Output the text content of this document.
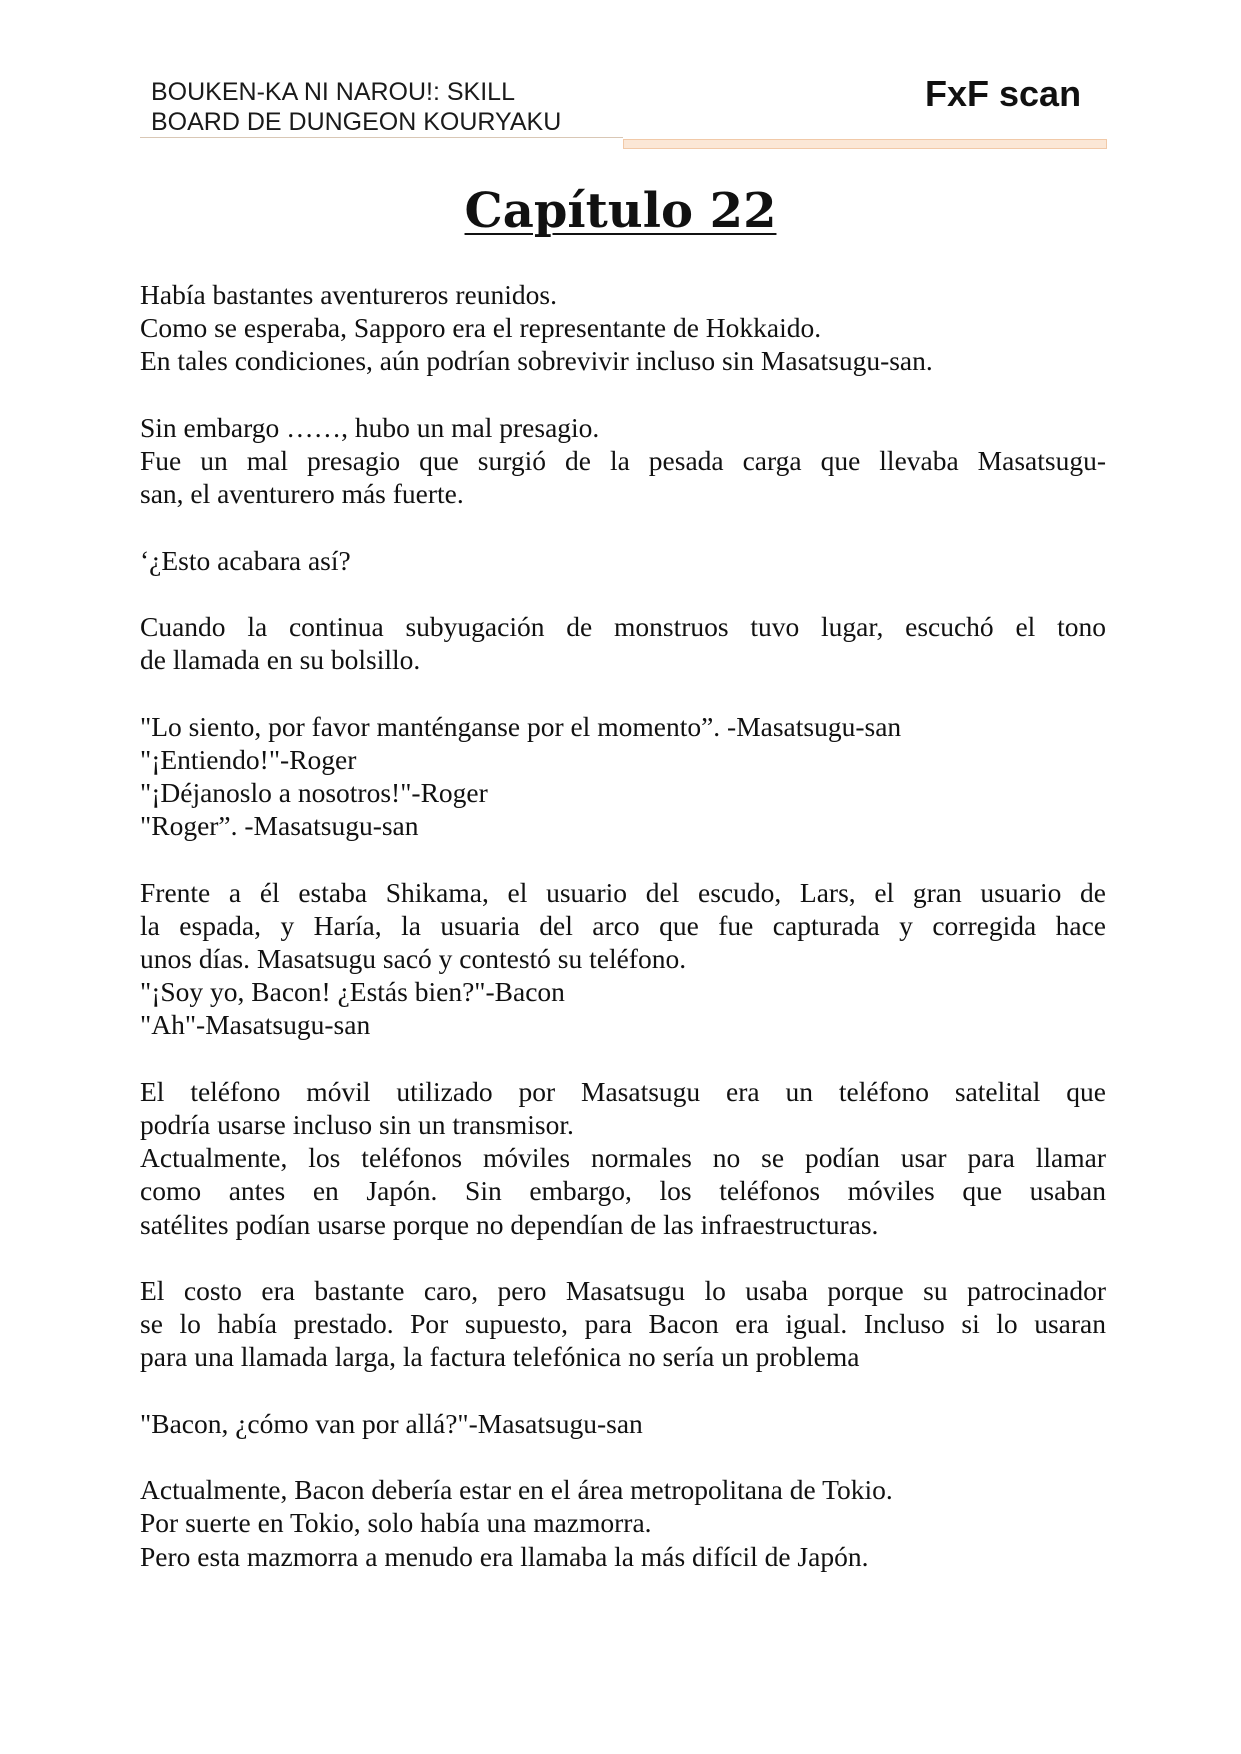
BOUKEN-KA NI NAROU!: SKILL
BOARD DE DUNGEON KOURYAKU
FxF scan
Capítulo 22
Había bastantes aventureros reunidos.
Como se esperaba, Sapporo era el representante de Hokkaido.
En tales condiciones, aún podrían sobrevivir incluso sin Masatsugu-san.
Sin embargo ……, hubo un mal presagio.
Fue un mal presagio que surgió de la pesada carga que llevaba Masatsugu-
san, el aventurero más fuerte.
‘¿Esto acabara así?
Cuando la continua subyugación de monstruos tuvo lugar, escuchó el tono
de llamada en su bolsillo.
"Lo siento, por favor manténganse por el momento”. -Masatsugu-san
"¡Entiendo!"-Roger
"¡Déjanoslo a nosotros!"-Roger
"Roger”. -Masatsugu-san
Frente a él estaba Shikama, el usuario del escudo, Lars, el gran usuario de
la espada, y Haría, la usuaria del arco que fue capturada y corregida hace
unos días. Masatsugu sacó y contestó su teléfono.
"¡Soy yo, Bacon! ¿Estás bien?"-Bacon
"Ah"-Masatsugu-san
El teléfono móvil utilizado por Masatsugu era un teléfono satelital que
podría usarse incluso sin un transmisor.
Actualmente, los teléfonos móviles normales no se podían usar para llamar
como antes en Japón. Sin embargo, los teléfonos móviles que usaban
satélites podían usarse porque no dependían de las infraestructuras.
El costo era bastante caro, pero Masatsugu lo usaba porque su patrocinador
se lo había prestado. Por supuesto, para Bacon era igual. Incluso si lo usaran
para una llamada larga, la factura telefónica no sería un problema
"Bacon, ¿cómo van por allá?"-Masatsugu-san
Actualmente, Bacon debería estar en el área metropolitana de Tokio.
Por suerte en Tokio, solo había una mazmorra.
Pero esta mazmorra a menudo era llamaba la más difícil de Japón.
